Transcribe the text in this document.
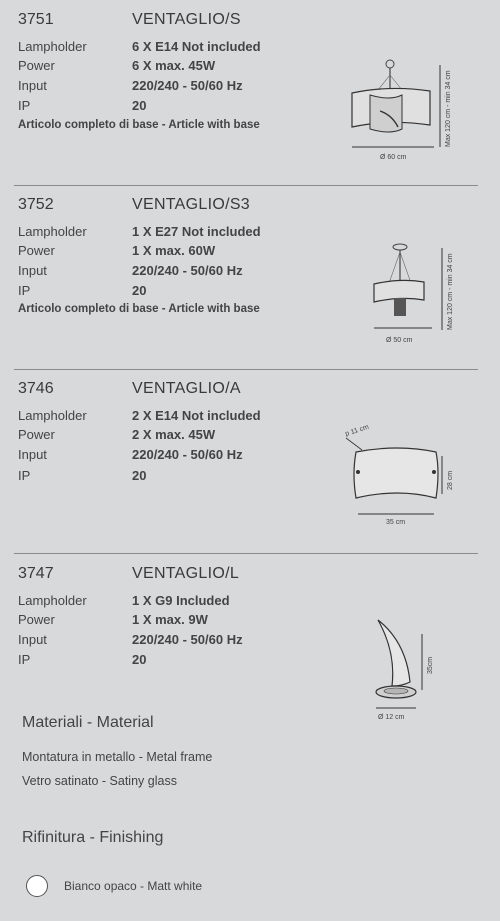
3751	VENTAGLIO/S
Lampholder	6 X E14 Not included
Power	6 X max. 45W
Input	220/240 - 50/60 Hz
IP	20
Articolo completo di base - Article with base
Ø 60 cm
Max 120 cm - min 34 cm
3752	VENTAGLIO/S3
Lampholder	1 X E27 Not included
Power	1 X max. 60W
Input	220/240 - 50/60 Hz
IP	20
Articolo completo di base - Article with base
Ø 50 cm
Max 120 cm - min 34 cm
3746	VENTAGLIO/A
Lampholder	2 X E14 Not included
Power	2 X max. 45W
Input	220/240 - 50/60 Hz
IP	20
p 11 cm
35 cm
28 cm
3747	VENTAGLIO/L
Lampholder	1 X G9 Included
Power	1 X max. 9W
Input	220/240 - 50/60 Hz
IP	20
Ø 12 cm
35cm
Materiali - Material
Montatura in metallo - Metal frame
Vetro satinato - Satiny glass
Rifinitura - Finishing
Bianco opaco - Matt white
